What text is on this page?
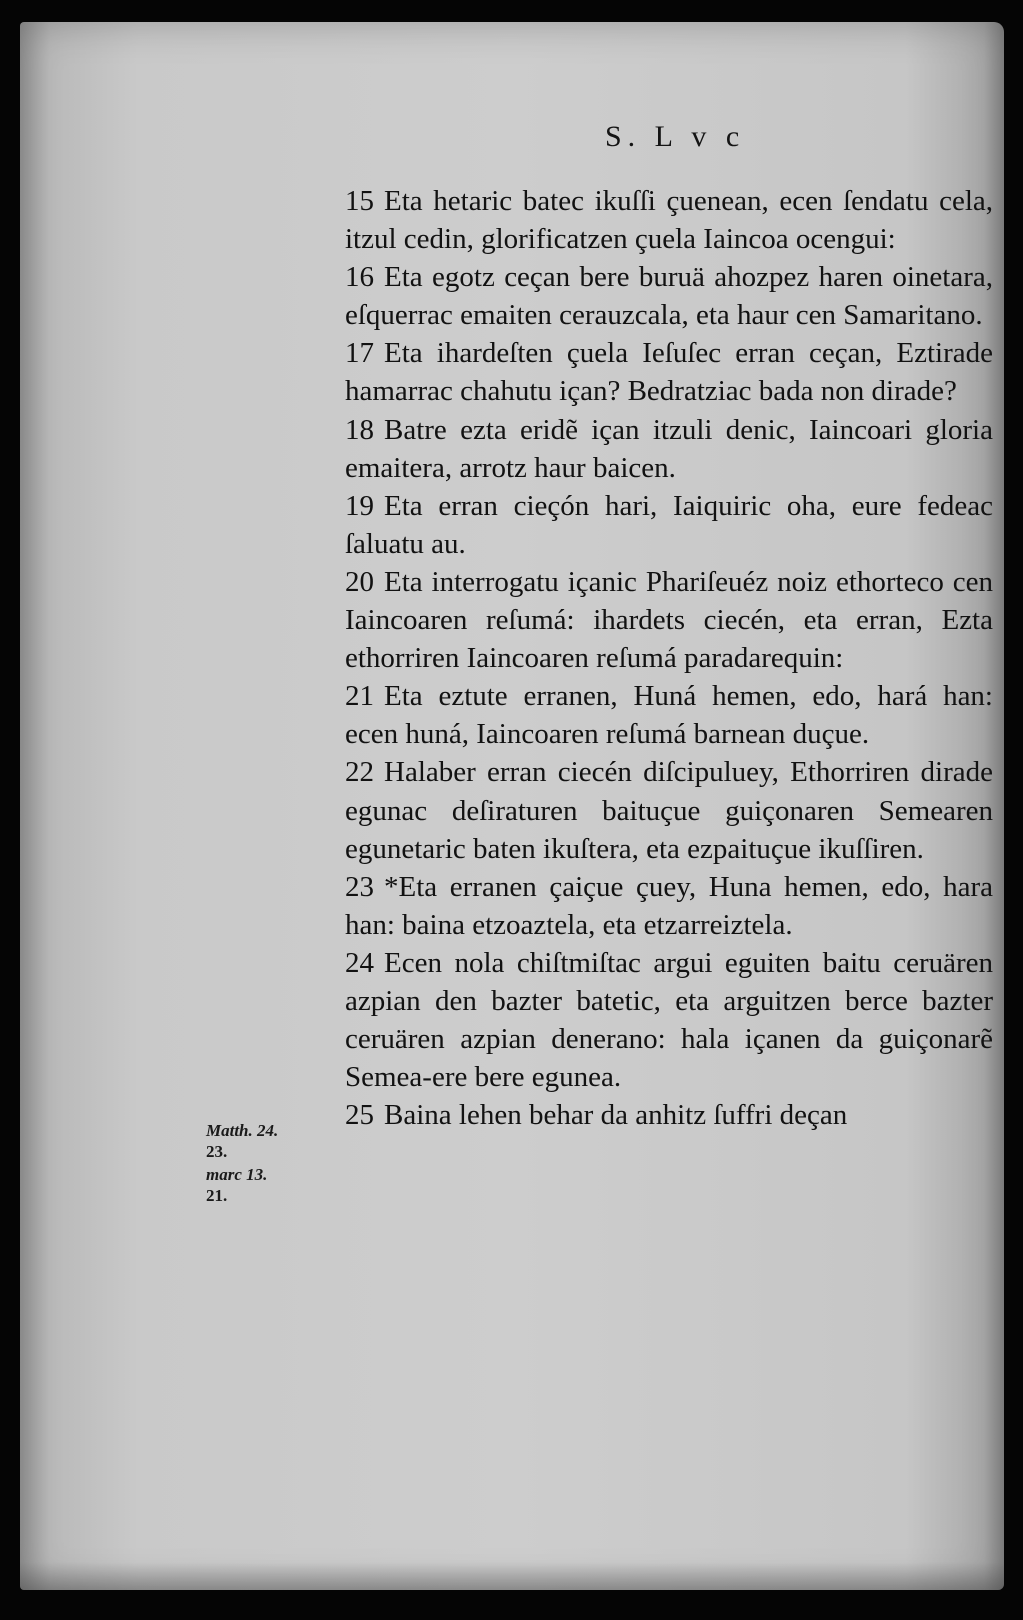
S. L v c
Matth. 24.
23.
marc 13.
21.

15 Eta hetaric batec ikuſſi çuenean, ecen ſendatu cela, itzul cedin, glorificatzen çuela Iaincoa ocengui:

16 Eta egotz ceçan bere buruä ahozpez haren oinetara, eſquerrac emaiten cerauzcala, eta haur cen Samaritano.

17 Eta ihardeſten çuela Ieſuſec erran ceçan, Eztirade hamarrac chahutu içan? Bedratziac bada non dirade?

18 Batre ezta eridẽ içan itzuli denic, Iaincoari gloria emaitera, arrotz haur baicen.

19 Eta erran cieçón hari, Iaiquiric oha, eure fedeac ſaluatu au.

20 Eta interrogatu içanic Phariſeuéz noiz ethorteco cen Iaincoaren reſumá: ihardets ciecén, eta erran, Ezta ethorriren Iaincoaren reſumá paradarequin:

21 Eta eztute erranen, Huná hemen, edo, hará han: ecen huná, Iaincoaren reſumá barnean duçue.

22 Halaber erran ciecén diſcipuluey, Ethorriren dirade egunac deſiraturen baituçue guiçonaren Semearen egunetaric baten ikuſtera, eta ezpaituçue ikuſſiren.

23 *Eta erranen çaiçue çuey, Huna hemen, edo, hara han: baina etzoaztela, eta etzarreiztela.

24 Ecen nola chiſtmiſtac argui eguiten baitu ceruären azpian den bazter batetic, eta arguitzen berce bazter ceruären azpian denerano: hala içanen da guiçonarẽ Semea-ere bere egunea.

25 Baina lehen behar da anhitz ſuffri deçan
